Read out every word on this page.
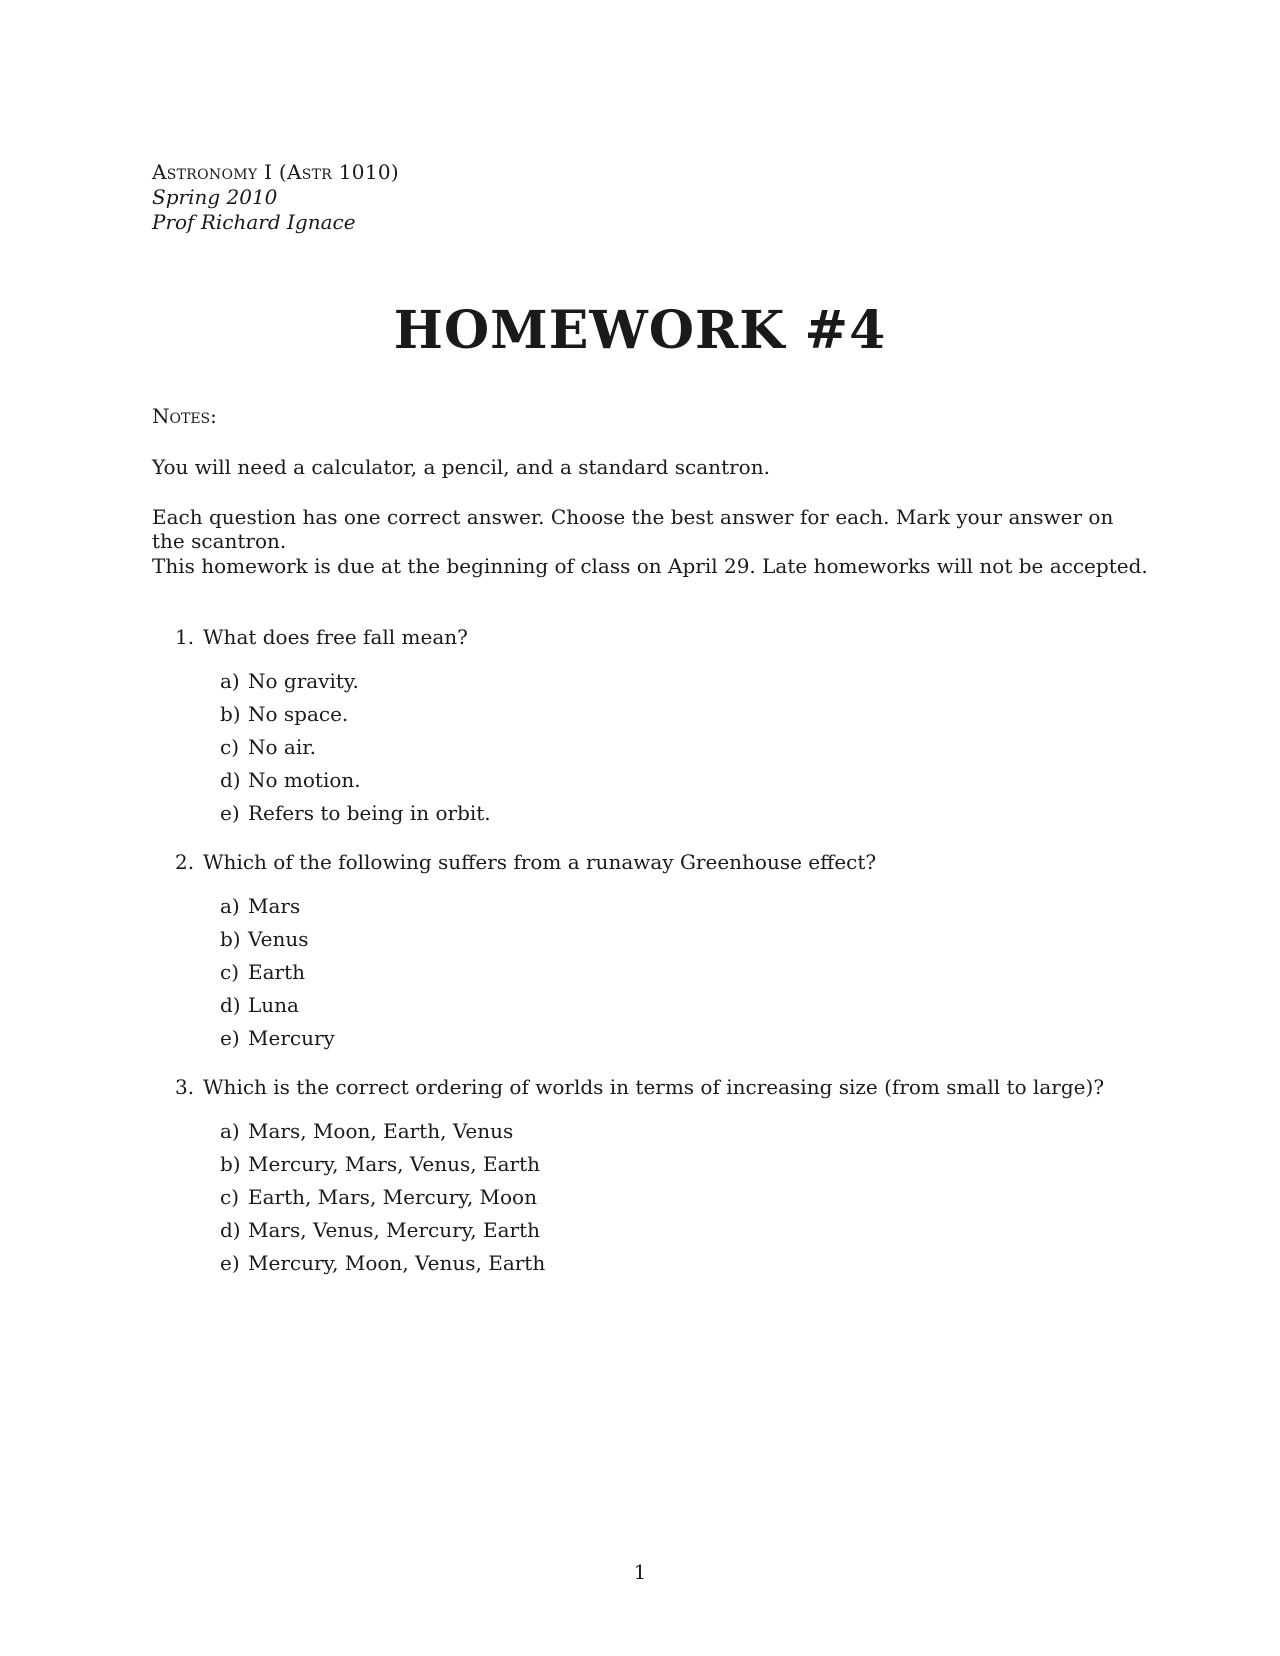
Astronomy I (Astr 1010)
Spring 2010
Prof Richard Ignace
HOMEWORK #4
Notes:
You will need a calculator, a pencil, and a standard scantron.
Each question has one correct answer. Choose the best answer for each. Mark your answer on the scantron.
This homework is due at the beginning of class on April 29. Late homeworks will not be accepted.
1. What does free fall mean?
a) No gravity.
b) No space.
c) No air.
d) No motion.
e) Refers to being in orbit.
2. Which of the following suffers from a runaway Greenhouse effect?
a) Mars
b) Venus
c) Earth
d) Luna
e) Mercury
3. Which is the correct ordering of worlds in terms of increasing size (from small to large)?
a) Mars, Moon, Earth, Venus
b) Mercury, Mars, Venus, Earth
c) Earth, Mars, Mercury, Moon
d) Mars, Venus, Mercury, Earth
e) Mercury, Moon, Venus, Earth
1
